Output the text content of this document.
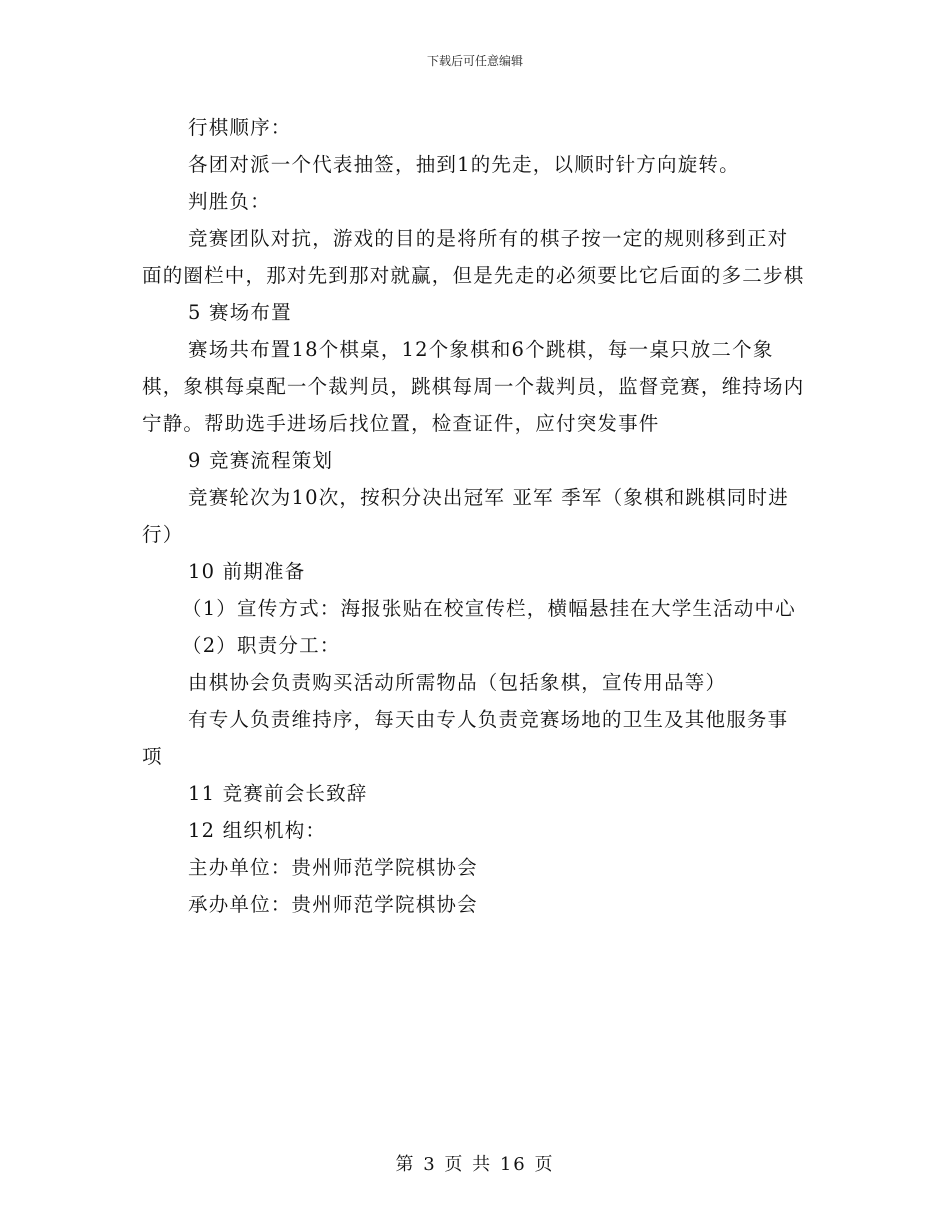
下载后可任意编辑

行棋顺序：

各团对派一个代表抽签，抽到1的先走，以顺时针方向旋转。

判胜负：

竞赛团队对抗，游戏的目的是将所有的棋子按一定的规则移到正对面的圈栏中，那对先到那对就赢，但是先走的必须要比它后面的多二步棋

5 赛场布置

赛场共布置18个棋桌，12个象棋和6个跳棋，每一桌只放二个象棋，象棋每桌配一个裁判员，跳棋每周一个裁判员，监督竞赛，维持场内宁静。帮助选手进场后找位置，检查证件，应付突发事件

9 竞赛流程策划

竞赛轮次为10次，按积分决出冠军 亚军 季军（象棋和跳棋同时进行）

10 前期准备

（1）宣传方式：海报张贴在校宣传栏，横幅悬挂在大学生活动中心

（2）职责分工：

由棋协会负责购买活动所需物品（包括象棋，宣传用品等）

有专人负责维持序，每天由专人负责竞赛场地的卫生及其他服务事项

11 竞赛前会长致辞

12 组织机构：

主办单位：贵州师范学院棋协会

承办单位：贵州师范学院棋协会

第 3 页 共 16 页
